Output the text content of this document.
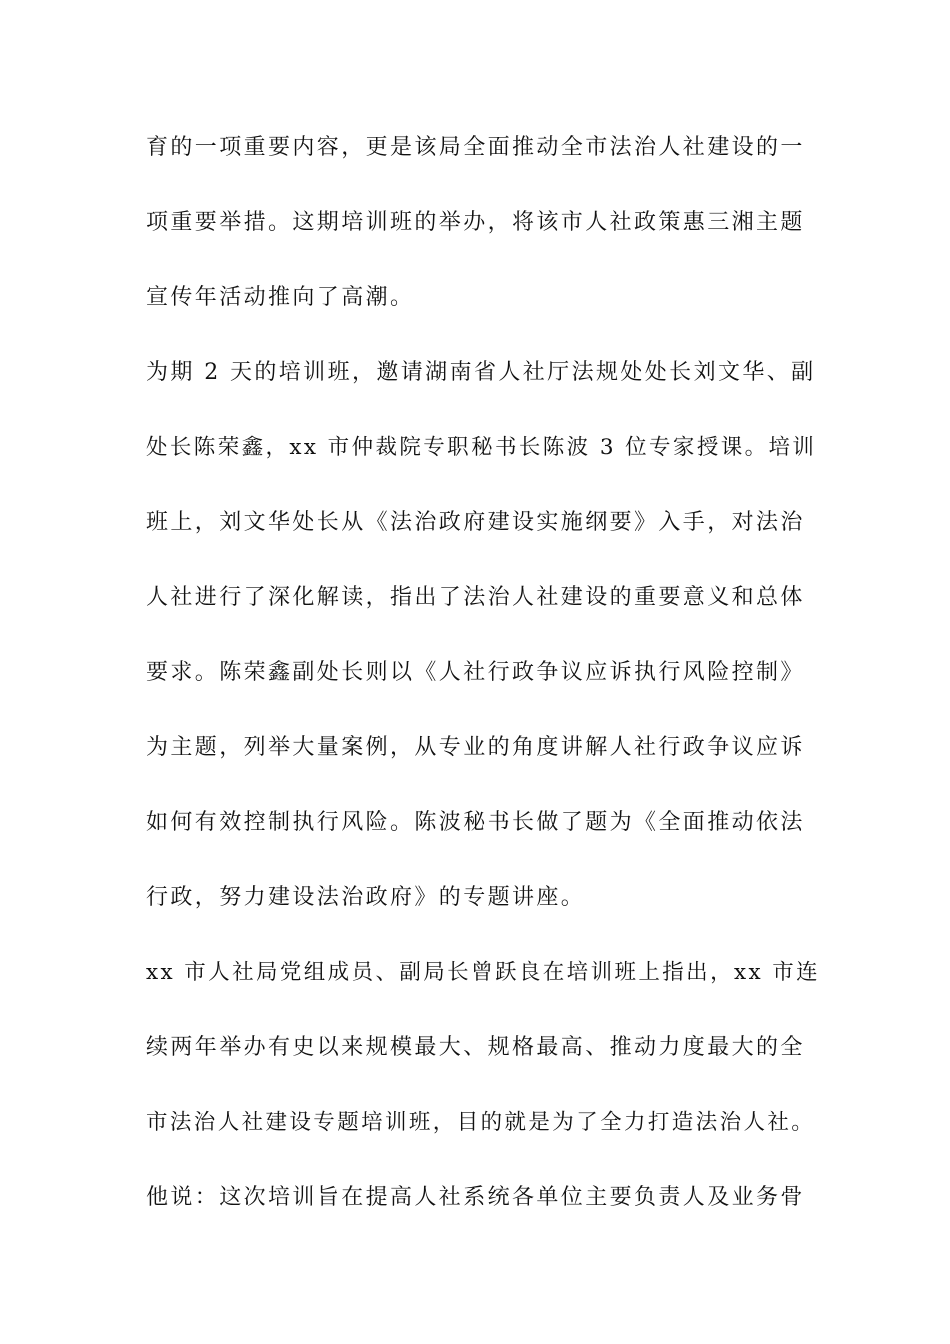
育的一项重要内容，更是该局全面推动全市法治人社建设的一
项重要举措。这期培训班的举办，将该市人社政策惠三湘主题
宣传年活动推向了高潮。
为期 2 天的培训班，邀请湖南省人社厅法规处处长刘文华、副
处长陈荣鑫，xx 市仲裁院专职秘书长陈波 3 位专家授课。培训
班上，刘文华处长从《法治政府建设实施纲要》入手，对法治
人社进行了深化解读，指出了法治人社建设的重要意义和总体
要求。陈荣鑫副处长则以《人社行政争议应诉执行风险控制》
为主题，列举大量案例，从专业的角度讲解人社行政争议应诉
如何有效控制执行风险。陈波秘书长做了题为《全面推动依法
行政，努力建设法治政府》的专题讲座。
xx 市人社局党组成员、副局长曾跃良在培训班上指出，xx 市连
续两年举办有史以来规模最大、规格最高、推动力度最大的全
市法治人社建设专题培训班，目的就是为了全力打造法治人社。
他说：这次培训旨在提高人社系统各单位主要负责人及业务骨
